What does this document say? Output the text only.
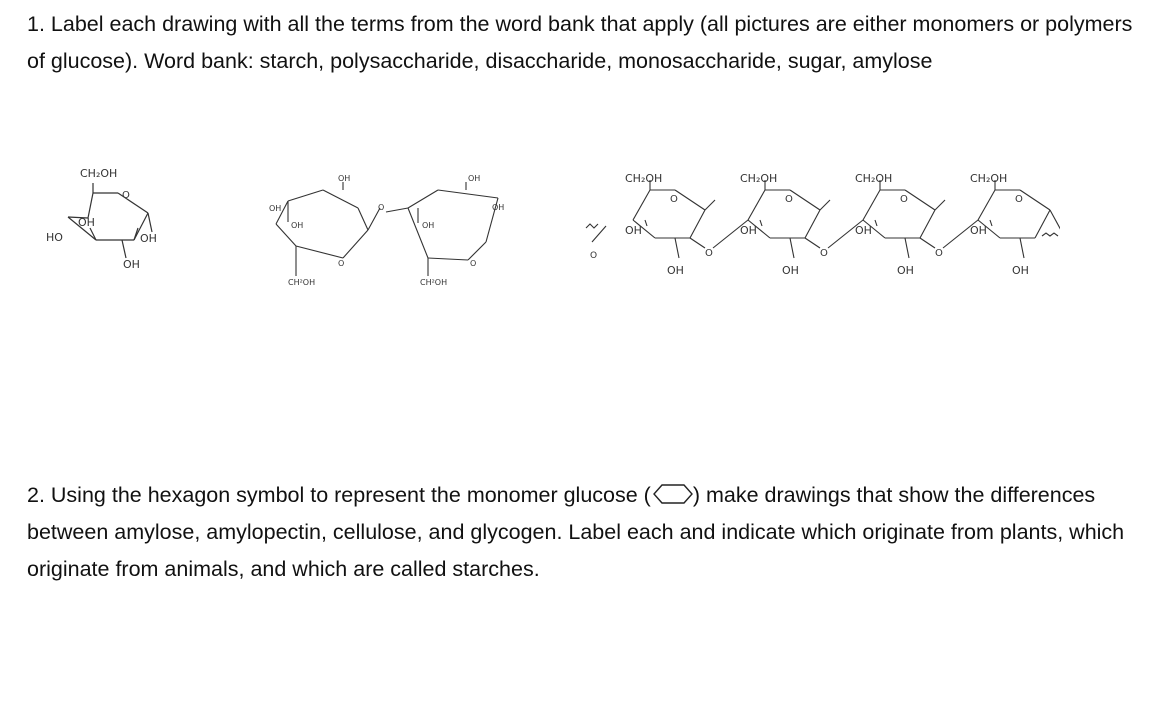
1. Label each drawing with all the terms from the word bank that apply (all pictures are either monomers or polymers of glucose). Word bank: starch, polysaccharide, disaccharide, monosaccharide, sugar, amylose

CH₂OH
O
OH
HO	OH
OH
OH
OH
OH
O
CH²OH
O
OH
OH
OH
O
CH²OH
O
CH₂OH
O
OH
OH
O
CH₂OH
O
OH
OH
O
CH₂OH
O
OH
OH
O
CH₂OH
O
OH
OH

2. Using the hexagon symbol to represent the monomer glucose ( ) make drawings that show the differences between amylose, amylopectin, cellulose, and glycogen. Label each and indicate which originate from plants, which originate from animals, and which are called starches.
